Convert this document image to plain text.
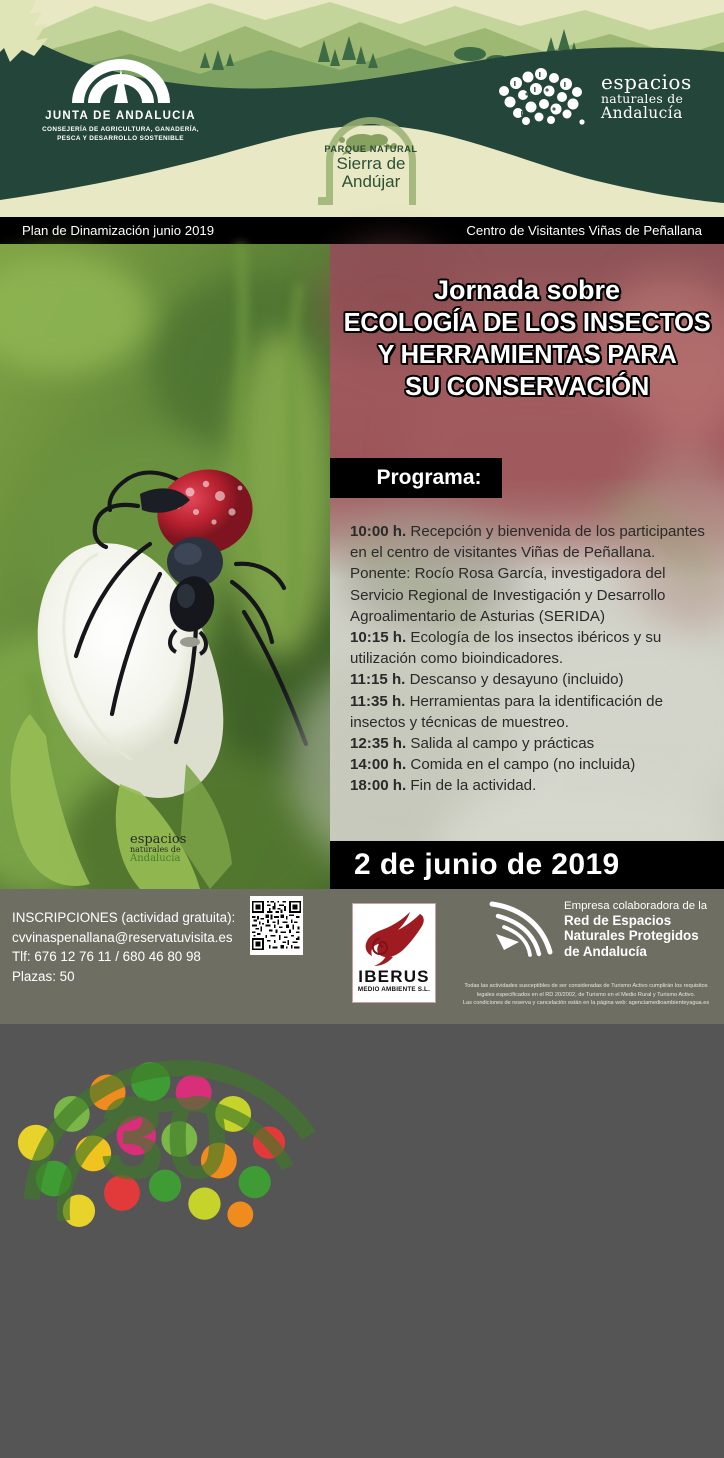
JUNTA DE ANDALUCIA
CONSEJERÍA DE AGRICULTURA, GANADERÍA,
PESCA Y DESARROLLO SOSTENIBLE
espacios
naturales de
Andalucía
PARQUE NATURAL
Sierra de
Andújar
Plan de Dinamización junio 2019	Centro de Visitantes Viñas de Peñallana
espacios
naturales de
Andalucía
30
Jornada sobre
ECOLOGÍA DE LOS INSECTOS
Y HERRAMIENTAS PARA
SU CONSERVACIÓN
Programa:
10:00 h. Recepción y bienvenida de los participantes en el centro de visitantes Viñas de Peñallana.
Ponente: Rocío Rosa García, investigadora del Servicio Regional de Investigación y Desarrollo Agroalimentario de Asturias (SERIDA)
10:15 h. Ecología de los insectos ibéricos y su utilización como bioindicadores.
11:15 h. Descanso y desayuno (incluido)
11:35 h. Herramientas para la identificación de insectos y técnicas de muestreo.
12:35 h. Salida al campo y prácticas
14:00 h. Comida en el campo (no incluida)
18:00 h. Fin de la actividad.
2 de junio de 2019
INSCRIPCIONES (actividad gratuita):
cvvinaspenallana@reservatuvisita.es
Tlf: 676 12 76 11 / 680 46 80 98
Plazas: 50	IBERUS
MEDIO AMBIENTE S.L.
Empresa colaboradora de la
Red de Espacios
Naturales Protegidos
de Andalucía
Todas las actividades susceptibles de ser consideradas de Turismo Activo cumplirán los requisitos
legales especificados en el RD 20/2002, de Turismo en el Medio Rural y Turismo Activo.
Las condiciones de reserva y cancelación están en la página web: agenciamedioambienteyagua.es
